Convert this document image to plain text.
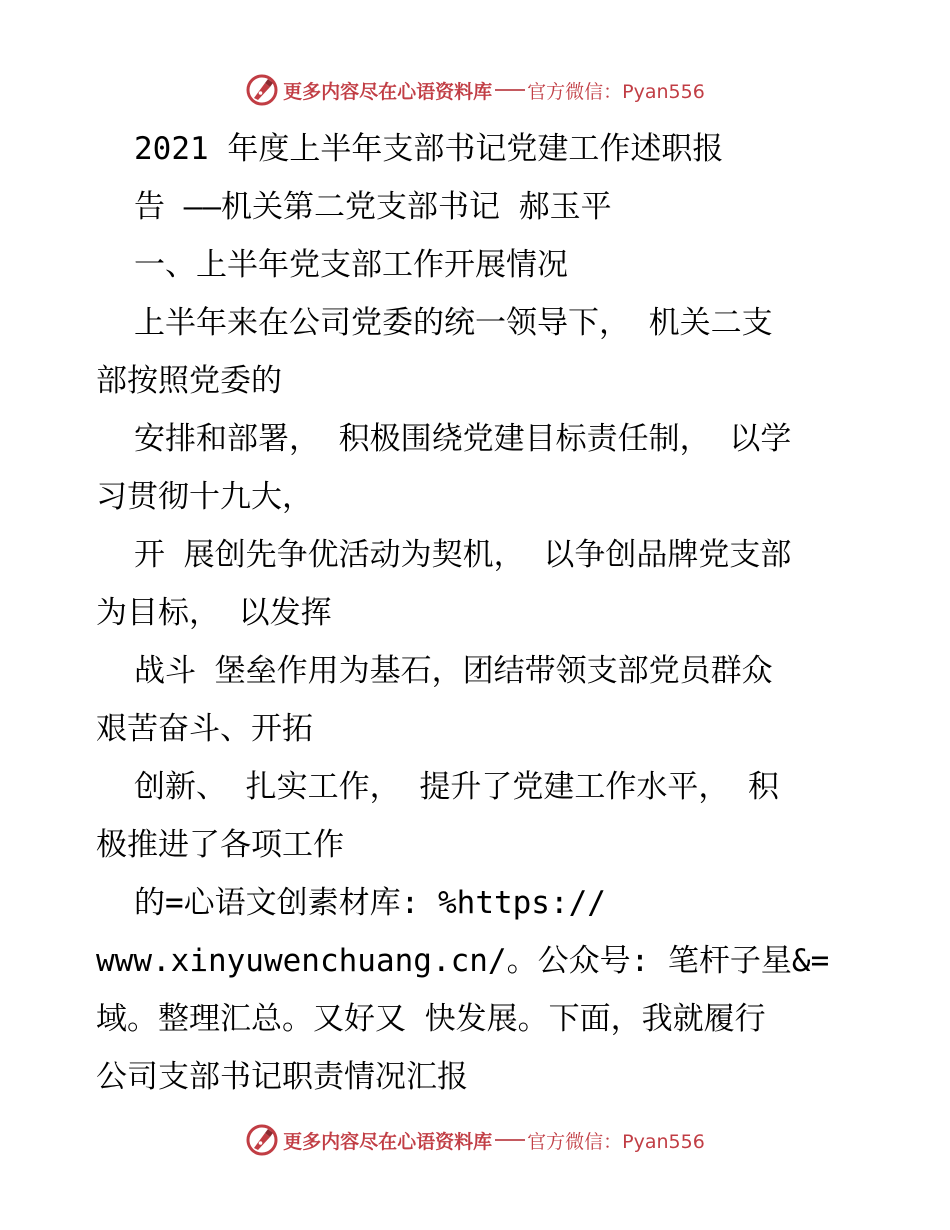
更多内容尽在心语资料库 官方微信：Pyan556
2021 年度上半年支部书记党建工作述职报
告 ——机关第二党支部书记 郝玉平
一、上半年党支部工作开展情况
上半年来在公司党委的统一领导下， 机关二支
部按照党委的
安排和部署， 积极围绕党建目标责任制， 以学
习贯彻十九大，
开 展创先争优活动为契机， 以争创品牌党支部
为目标， 以发挥
战斗 堡垒作用为基石，团结带领支部党员群众
艰苦奋斗、开拓
创新、 扎实工作， 提升了党建工作水平， 积
极推进了各项工作
的=心语文创素材库: %https://
www.xinyuwenchuang.cn/。公众号: 笔杆子星&=
域。整理汇总。又好又 快发展。下面，我就履行
公司支部书记职责情况汇报
更多内容尽在心语资料库 官方微信：Pyan556
